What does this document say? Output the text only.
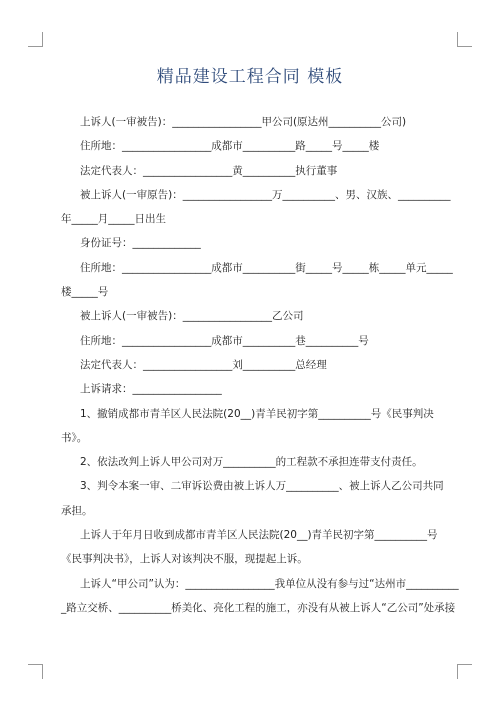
精品建设工程合同 模板
上诉人(一审被告)：_________________甲公司(原达州__________公司)
住所地：_________________成都市__________路_____号_____楼
法定代表人：_________________黄__________执行董事
被上诉人(一审原告)：_________________万__________、男、汉族、__________
年_____月_____日出生
身份证号：_____________
住所地：_________________成都市__________街_____号_____栋_____单元_____
楼_____号
被上诉人(一审被告)：_________________乙公司
住所地：_________________成都市__________巷__________号
法定代表人：_________________刘__________总经理
上诉请求：_________________
1、撤销成都市青羊区人民法院(20__)青羊民初字第__________号《民事判决
书》。
2、依法改判上诉人甲公司对万__________的工程款不承担连带支付责任。
3、判令本案一审、二审诉讼费由被上诉人万__________、被上诉人乙公司共同
承担。
上诉人于年月日收到成都市青羊区人民法院(20__)青羊民初字第__________号
《民事判决书》，上诉人对该判决不服，现提起上诉。
上诉人“甲公司”认为：_________________我单位从没有参与过“达州市__________
_路立交桥、__________桥美化、亮化工程的施工，亦没有从被上诉人“乙公司”处承接
